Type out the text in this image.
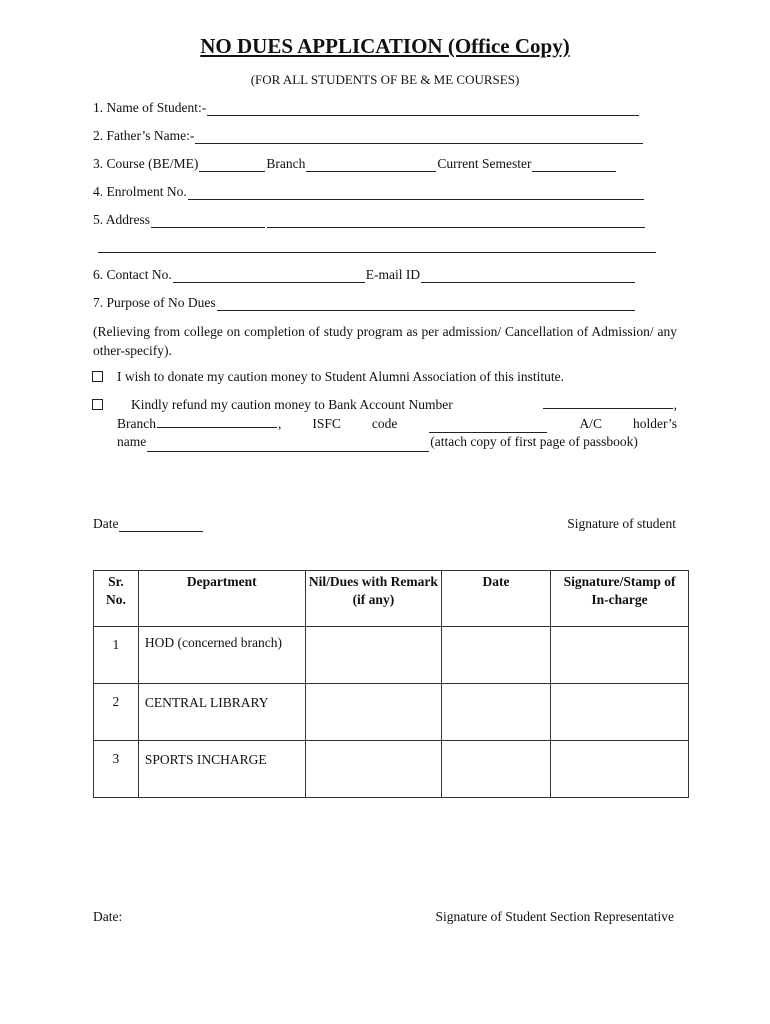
NO DUES APPLICATION (Office Copy)
(FOR ALL STUDENTS OF BE & ME COURSES)
1. Name of Student:-
2. Father’s Name:-
3. Course (BE/ME)	Branch	Current Semester
4. Enrolment No.
5. Address
6. Contact No.	E-mail ID
7. Purpose of No Dues
(Relieving from college on completion of study program as per admission/ Cancellation of Admission/ any other-specify).
I wish to donate my caution money to Student Alumni Association of this institute.
Kindly refund my caution money to Bank Account Number	,
Branch	, ISFC code	A/C holder’s
name	(attach copy of first page of passbook)
Date	Signature of student
Sr. No.	Department	Nil/Dues with Remark (if any)	Date	Signature/Stamp of In-charge
1	HOD (concerned branch)			
2	CENTRAL LIBRARY			
3	SPORTS INCHARGE			
Date:	Signature of Student Section Representative
